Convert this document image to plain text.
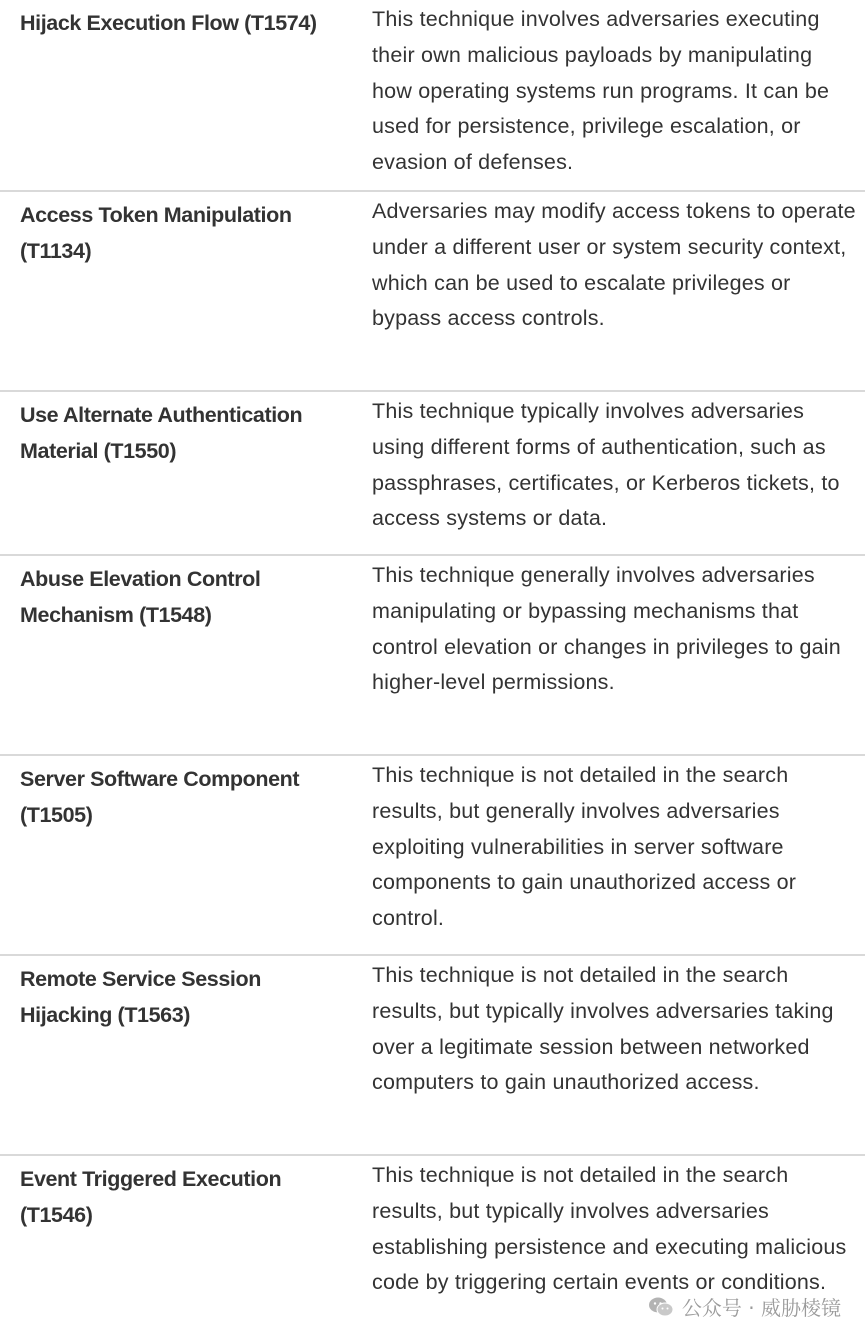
Hijack Execution Flow (T1574)	This technique involves adversaries executing their own malicious payloads by manipulating how operating systems run programs. It can be used for persistence, privilege escalation, or evasion of defenses.
Access Token Manipulation (T1134)
Adversaries may modify access tokens to operate under a different user or system security context, which can be used to escalate privileges or bypass access controls.
Use Alternate Authentication Material (T1550)
This technique typically involves adversaries using different forms of authentication, such as passphrases, certificates, or Kerberos tickets, to access systems or data.
Abuse Elevation Control Mechanism (T1548)
This technique generally involves adversaries manipulating or bypassing mechanisms that control elevation or changes in privileges to gain higher-level permissions.
Server Software Component (T1505)
This technique is not detailed in the search results, but generally involves adversaries exploiting vulnerabilities in server software components to gain unauthorized access or control.
Remote Service Session Hijacking (T1563)
This technique is not detailed in the search results, but typically involves adversaries taking over a legitimate session between networked computers to gain unauthorized access.
Event Triggered Execution (T1546)
This technique is not detailed in the search results, but typically involves adversaries establishing persistence and executing malicious code by triggering certain events or conditions.
公众号 · 威胁棱镜
